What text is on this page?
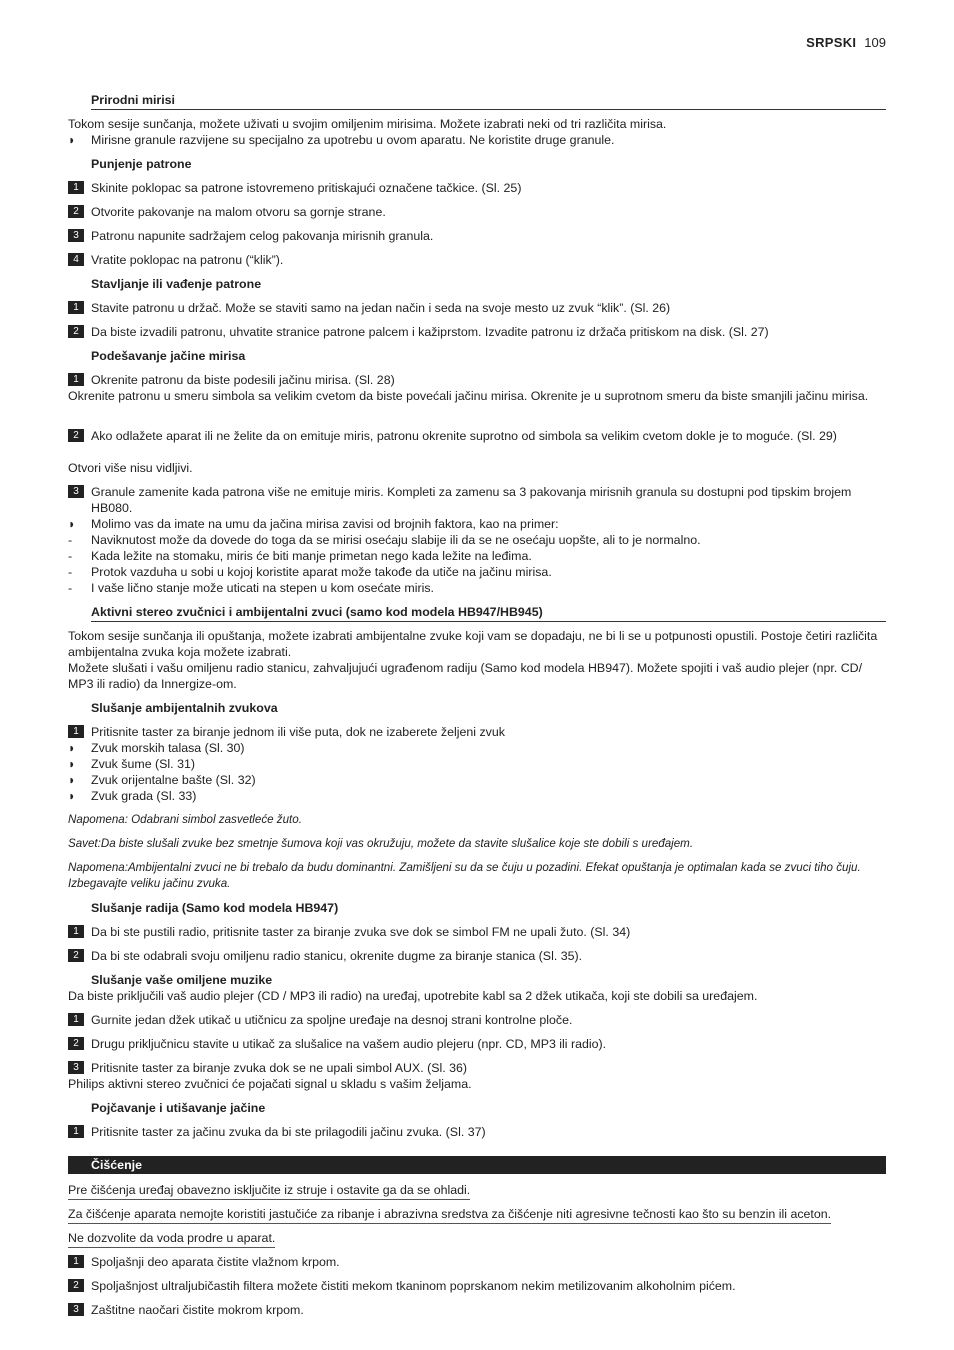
SRPSKI 109
Prirodni mirisi
Tokom sesije sunčanja, možete uživati u svojim omiljenim mirisima. Možete izabrati neki od tri različita mirisa.
◗ Mirisne granule razvijene su specijalno za upotrebu u ovom aparatu. Ne koristite druge granule.
Punjenje patrone
1 Skinite poklopac sa patrone istovremeno pritiskajući označene tačkice. (Sl. 25)
2 Otvorite pakovanje na malom otvoru sa gornje strane.
3 Patronu napunite sadržajem celog pakovanja mirisnih granula.
4 Vratite poklopac na patronu (“klik”).
Stavljanje ili vađenje patrone
1 Stavite patronu u držač. Može se staviti samo na jedan način i seda na svoje mesto uz zvuk “klik”. (Sl. 26)
2 Da biste izvadili patronu, uhvatite stranice patrone palcem i kažiprstom. Izvadite patronu iz držača pritiskom na disk. (Sl. 27)
Podešavanje jačine mirisa
1 Okrenite patronu da biste podesili jačinu mirisa. (Sl. 28)
Okrenite patronu u smeru simbola sa velikim cvetom da biste povećali jačinu mirisa. Okrenite je u suprotnom smeru da biste smanjili jačinu mirisa.
2 Ako odlažete aparat ili ne želite da on emituje miris, patronu okrenite suprotno od simbola sa velikim cvetom dokle je to moguće. (Sl. 29)
Otvori više nisu vidljivi.
3 Granule zamenite kada patrona više ne emituje miris. Kompleti za zamenu sa 3 pakovanja mirisnih granula su dostupni pod tipskim brojem HB080.
◗ Molimo vas da imate na umu da jačina mirisa zavisi od brojnih faktora, kao na primer:
- Naviknutost može da dovede do toga da se mirisi osećaju slabije ili da se ne osećaju uopšte, ali to je normalno.
- Kada ležite na stomaku, miris će biti manje primetan nego kada ležite na leđima.
- Protok vazduha u sobi u kojoj koristite aparat može takođe da utiče na jačinu mirisa.
- I vaše lično stanje može uticati na stepen u kom osećate miris.
Aktivni stereo zvučnici i ambijentalni zvuci (samo kod modela HB947/HB945)
Tokom sesije sunčanja ili opuštanja, možete izabrati ambijentalne zvuke koji vam se dopadaju, ne bi li se u potpunosti opustili. Postoje četiri različita ambijentalna zvuka koja možete izabrati.
Možete slušati i vašu omiljenu radio stanicu, zahvaljujući ugrađenom radiju (Samo kod modela HB947). Možete spojiti i vaš audio plejer (npr. CD/ MP3 ili radio) da Innergize-om.
Slušanje ambijentalnih zvukova
1 Pritisnite taster za biranje jednom ili više puta, dok ne izaberete željeni zvuk
◗ Zvuk morskih talasa (Sl. 30)
◗ Zvuk šume (Sl. 31)
◗ Zvuk orijentalne bašte (Sl. 32)
◗ Zvuk grada (Sl. 33)
Napomena: Odabrani simbol zasvetleće žuto.
Savet:Da biste slušali zvuke bez smetnje šumova koji vas okružuju, možete da stavite slušalice koje ste dobili s uređajem.
Napomena:Ambijentalni zvuci ne bi trebalo da budu dominantni. Zamišljeni su da se čuju u pozadini. Efekat opuštanja je optimalan kada se zvuci tiho čuju. Izbegavajte veliku jačinu zvuka.
Slušanje radija (Samo kod modela HB947)
1 Da bi ste pustili radio, pritisnite taster za biranje zvuka sve dok se simbol FM ne upali žuto. (Sl. 34)
2 Da bi ste odabrali svoju omiljenu radio stanicu, okrenite dugme za biranje stanica (Sl. 35).
Slušanje vaše omiljene muzike
Da biste priključili vaš audio plejer (CD / MP3 ili radio) na uređaj, upotrebite kabl sa 2 džek utikača, koji ste dobili sa uređajem.
1 Gurnite jedan džek utikač u utičnicu za spoljne uređaje na desnoj strani kontrolne ploče.
2 Drugu priključnicu stavite u utikač za slušalice na vašem audio plejeru (npr. CD, MP3 ili radio).
3 Pritisnite taster za biranje zvuka dok se ne upali simbol AUX. (Sl. 36)
Philips aktivni stereo zvučnici će pojačati signal u skladu s vašim željama.
Pojčavanje i utišavanje jačine
1 Pritisnite taster za jačinu zvuka da bi ste prilagodili jačinu zvuka. (Sl. 37)
Čišćenje
Pre čišćenja uređaj obavezno isključite iz struje i ostavite ga da se ohladi.
Za čišćenje aparata nemojte koristiti jastučiće za ribanje i abrazivna sredstva za čišćenje niti agresivne tečnosti kao što su benzin ili aceton.
Ne dozvolite da voda prodre u aparat.
1 Spoljašnji deo aparata čistite vlažnom krpom.
2 Spoljašnjost ultraljubičastih filtera možete čistiti mekom tkaninom poprskanom nekim metilizovanim alkoholnim pićem.
3 Zaštitne naočari čistite mokrom krpom.
